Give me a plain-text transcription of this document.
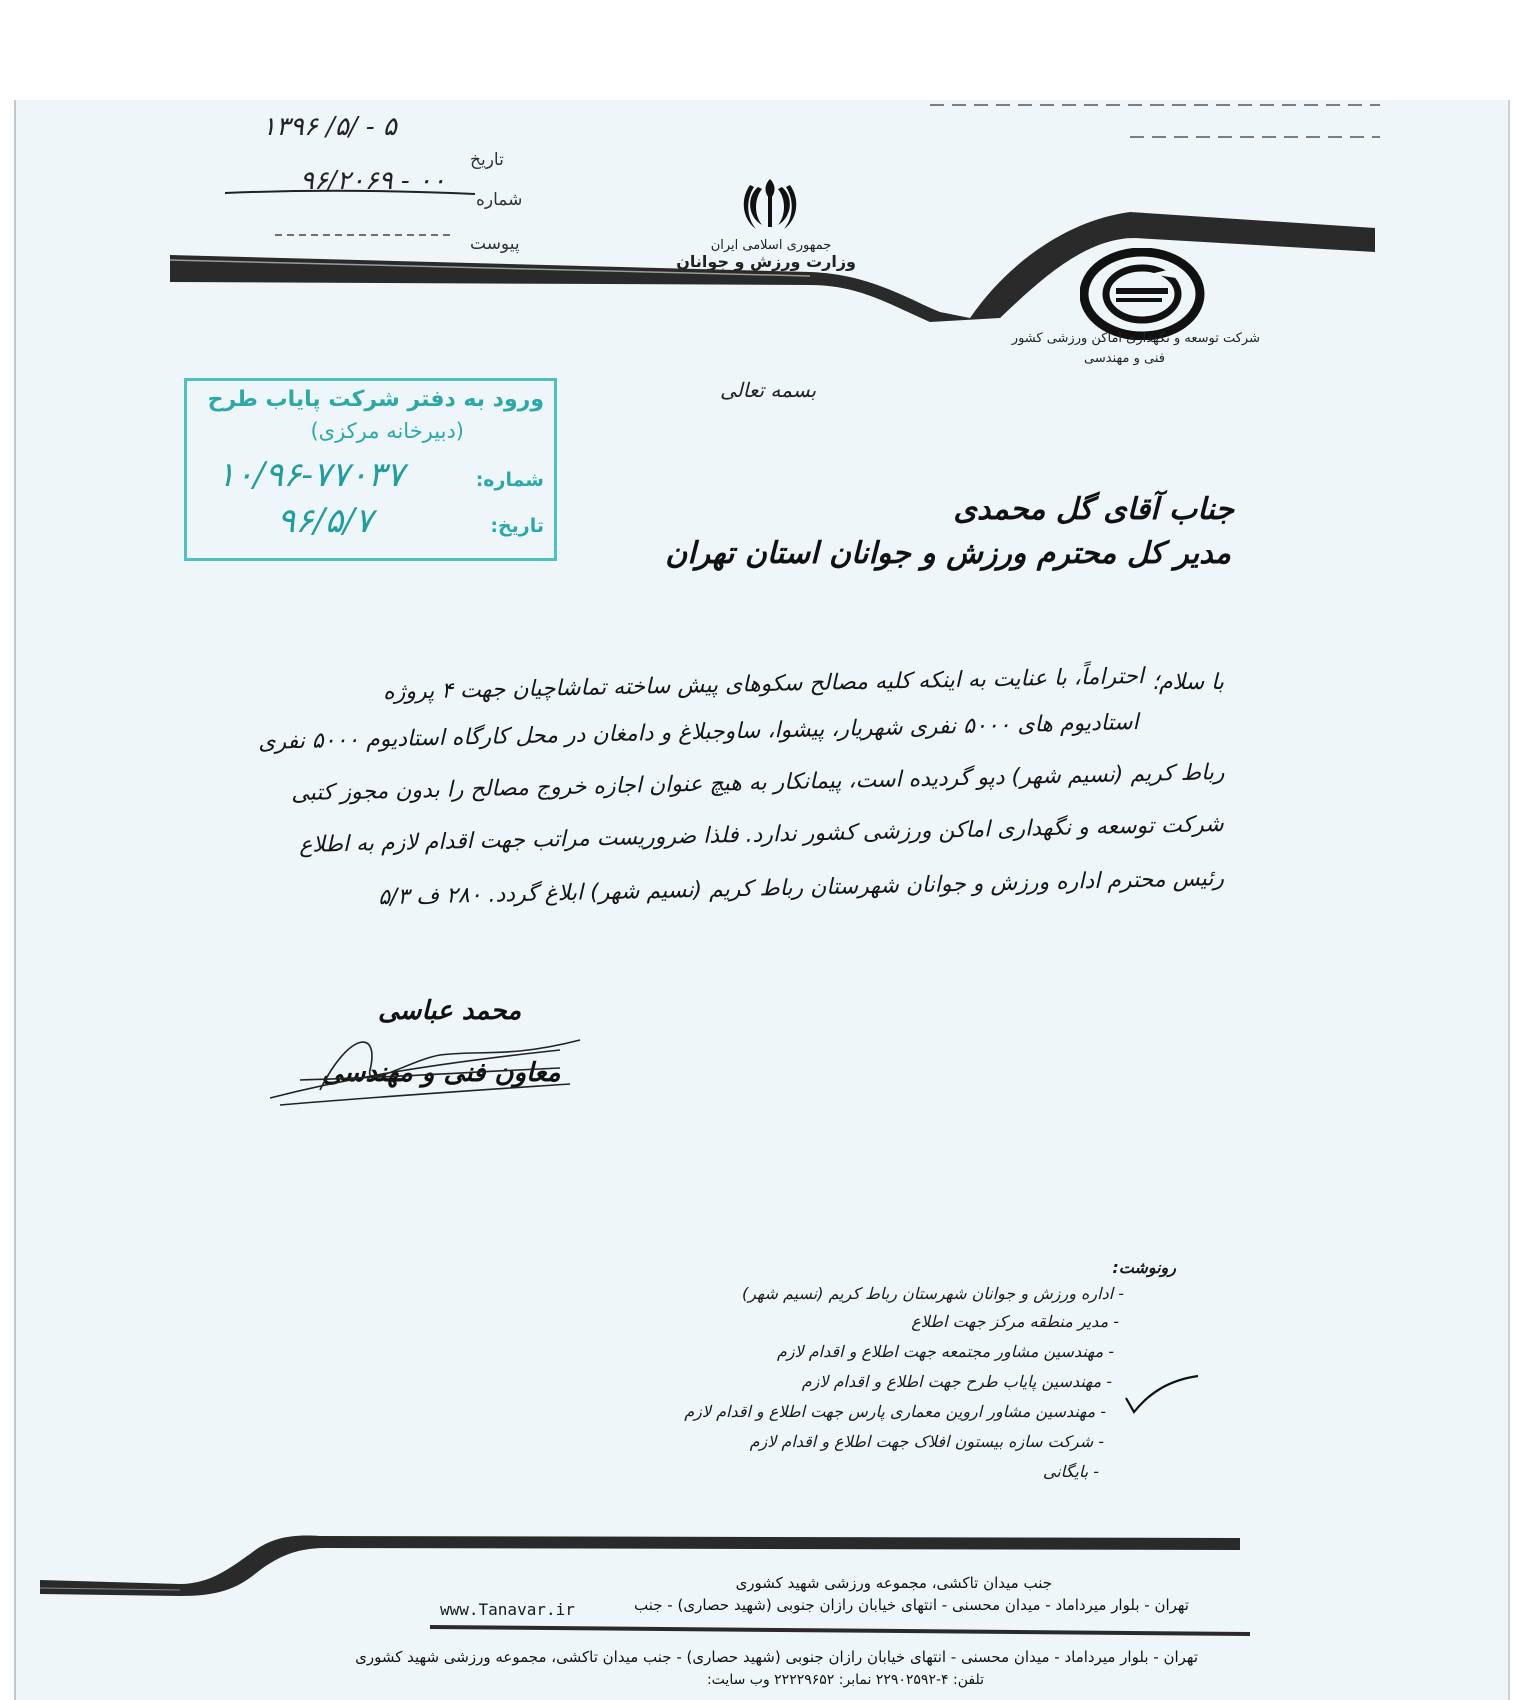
تاریخ
۱۳۹۶ /۵/ - ۵
شماره
۹۶/۲۰۶۹ - ۰۰
پیوست	جمهوری اسلامی ایران
وزارت ورزش و جوانان
شرکت توسعه و نگهداری اماکن ورزشی کشور
فنی و مهندسی
بسمه تعالی
ورود به دفتر شرکت پایاب طرح
(دبیرخانه مرکزی)
شماره:
۱۰/۹۶-۷۷۰۳۷
تاریخ:
۹۶/۵/۷	جناب آقای گل محمدی
مدیر کل محترم ورزش و جوانان استان تهران
با سلام؛
احتراماً، با عنایت به اینکه کلیه مصالح سکوهای پیش ساخته تماشاچیان جهت ۴ پروژه
استادیوم های ۵۰۰۰ نفری شهریار، پیشوا، ساوجبلاغ و دامغان در محل کارگاه استادیوم ۵۰۰۰ نفری
رباط کریم (نسیم شهر) دپو گردیده است، پیمانکار به هیچ عنوان اجازه خروج مصالح را بدون مجوز کتبی
شرکت توسعه و نگهداری اماکن ورزشی کشور ندارد. فلذا ضروریست مراتب جهت اقدام لازم به اطلاع
رئیس محترم اداره ورزش و جوانان شهرستان رباط کریم (نسیم شهر) ابلاغ گردد. ۲۸۰ ف ۵/۳
محمد عباسی
معاون فنی و مهندسی
رونوشت:
- اداره ورزش و جوانان شهرستان رباط کریم (نسیم شهر)
- مدیر منطقه مرکز جهت اطلاع
- مهندسین مشاور مجتمعه جهت اطلاع و اقدام لازم
- مهندسین پایاب طرح جهت اطلاع و اقدام لازم
- مهندسین مشاور اروین معماری پارس جهت اطلاع و اقدام لازم
- شرکت سازه بیستون افلاک جهت اطلاع و اقدام لازم
- بایگانی
جنب میدان تاکشی، مجموعه ورزشی شهید کشوری
تهران - بلوار میرداماد - میدان محسنی - انتهای خیابان رازان جنوبی (شهید حصاری) - جنب
www.Tanavar.ir
تهران - بلوار میرداماد - میدان محسنی - انتهای خیابان رازان جنوبی (شهید حصاری) - جنب میدان تاکشی، مجموعه ورزشی شهید کشوری
تلفن: ۴-۲۲۹۰۲۵۹۲ نمابر: ۲۲۲۲۹۶۵۲ وب سایت:
